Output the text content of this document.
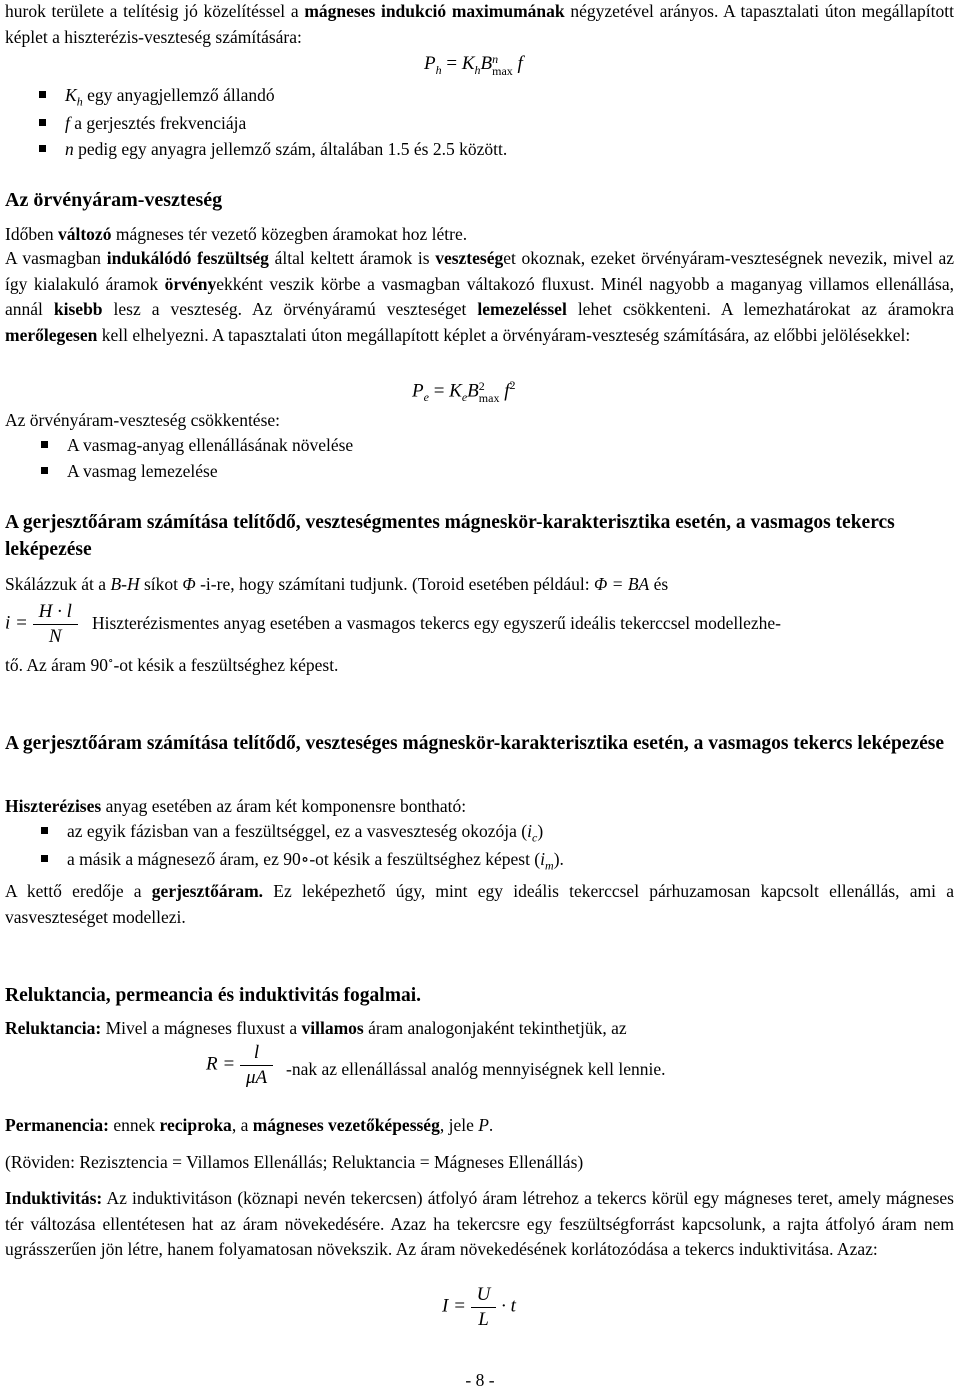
hurok területe a telítésig jó közelítéssel a mágneses indukció maximumának négyzetével arányos. A tapasztalati úton megállapított képlet a hiszterézis-veszteség számítására:

$P_h = K_hB$ n
max f
$K_h$ egy anyagjellemző állandó
f a gerjesztés frekvenciája
n pedig egy anyagra jellemző szám, általában 1.5 és 2.5 között.

Az örvényáram-veszteség

Időben változó mágneses tér vezető közegben áramokat hoz létre.

A vasmagban indukálódó feszültség által keltett áramok is veszteséget okoznak, ezeket örvényáram-veszteségnek nevezik, mivel az így kialakuló áramok örvényekként veszik körbe a vasmagban váltakozó fluxust. Minél nagyobb a maganyag villamos ellenállása, annál kisebb lesz a veszteség. Az örvényáramú veszteséget lemezeléssel lehet csökkenteni. A lemezhatárokat az áramokra merőlegesen kell elhelyezni. A tapasztalati úton megállapított képlet a örvényáram-veszteség számítására, az előbbi jelölésekkel:

$P_e = K_eB$ 2
$\max f^2$

Az örvényáram-veszteség csökkentése:

A vasmag-anyag ellenállásának növelése
A vasmag lemezelése

A gerjesztőáram számítása telítődő, veszteségmentes mágneskör-karakterisztika esetén, a vasmagos tekercs leképezése

Skálázzuk át a B-H síkot Φ -i-re, hogy számítani tudjunk. (Toroid esetében például: Φ = BA és

$i = \frac{H \cdot l}{N}$ Hiszterézismentes anyag esetében a vasmagos tekercs egy egyszerű ideális tekerccsel modellezhe-

tő. Az áram 90∘-ot késik a feszültséghez képest.

A gerjesztőáram számítása telítődő, veszteséges mágneskör-karakterisztika esetén, a vasmagos tekercs leképezése

Hiszterézises anyag esetében az áram két komponensre bontható:

az egyik fázisban van a feszültséggel, ez a vasveszteség okozója $(i_c)$
a másik a mágnesező áram, ez 90∘-ot késik a feszültséghez képest $(i_m)$.

A kettő eredője a gerjesztőáram. Ez leképezhető úgy, mint egy ideális tekerccsel párhuzamosan kapcsolt ellenállás, ami a vasveszteséget modellezi.

Reluktancia, permeancia és induktivitás fogalmai.

Reluktancia: Mivel a mágneses fluxust a villamos áram analogonjaként tekinthetjük, az

$R = \frac{l}{\mu A} -nak$ az ellenállással analóg mennyiségnek kell lennie.

Permanencia: ennek reciproka, a mágneses vezetőképesség, jele P.

(Röviden: Rezisztencia = Villamos Ellenállás; Reluktancia = Mágneses Ellenállás)

Induktivitás: Az induktivitáson (köznapi nevén tekercsen) átfolyó áram létrehoz a tekercs körül egy mágneses teret, amely mágneses tér változása ellentétesen hat az áram növekedésére. Azaz ha tekercsre egy feszültségforrást kapcsolunk, a rajta átfolyó áram nem ugrásszerűen jön létre, hanem folyamatosan növekszik. Az áram növekedésének korlátozódása a tekercs induktivitása. Azaz:

$I = \frac{U}{L} \cdot t$
- 8 -
